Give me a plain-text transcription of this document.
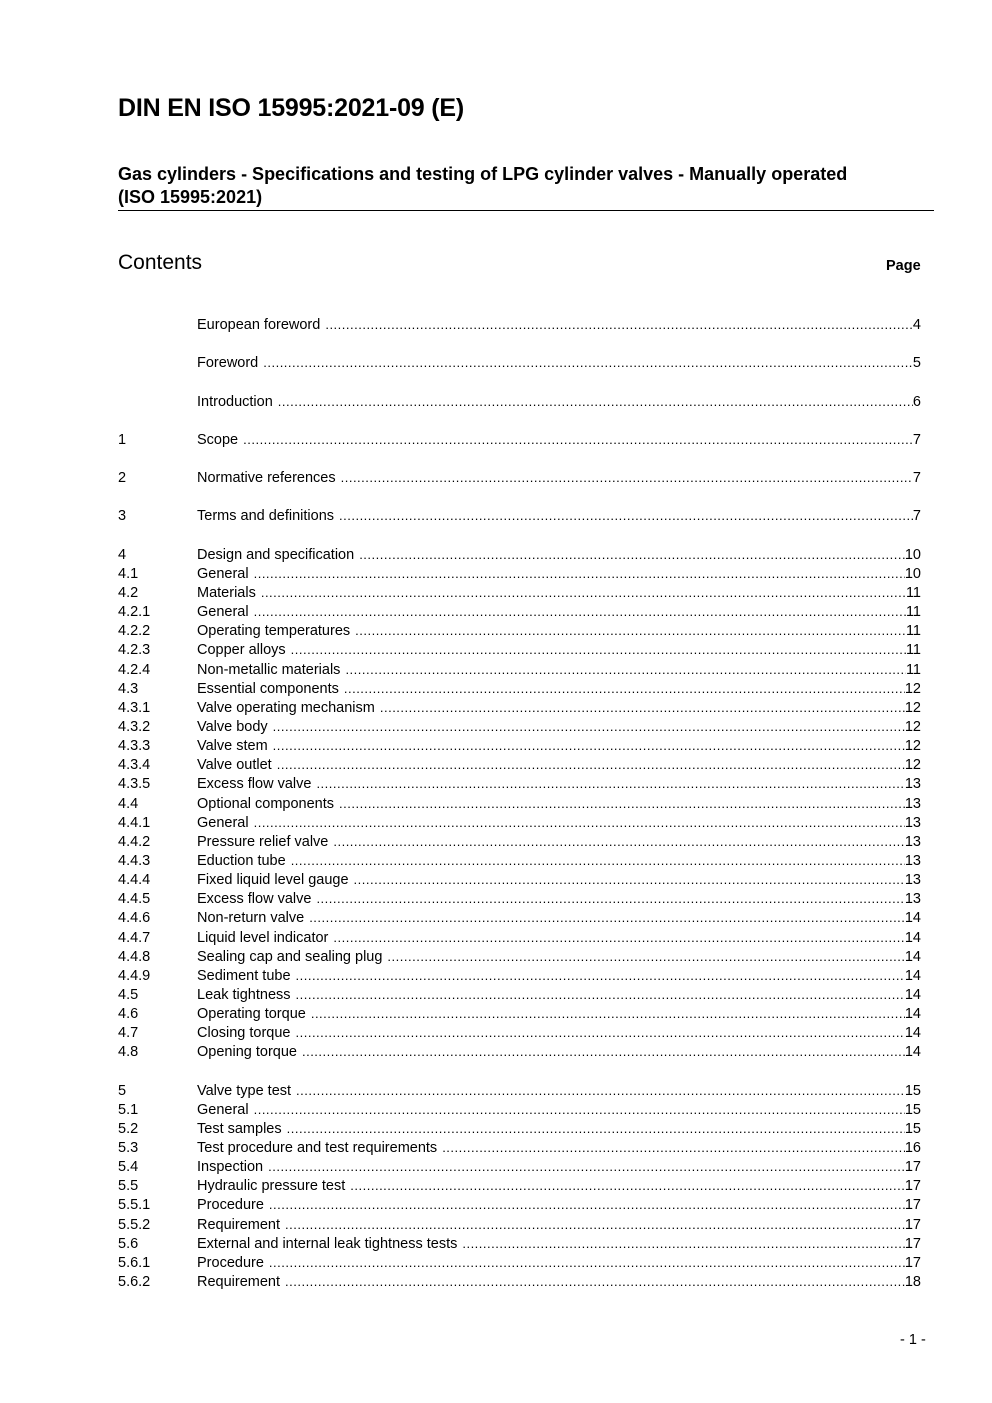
DIN EN ISO 15995:2021-09 (E)
Gas cylinders - Specifications and testing of LPG cylinder valves - Manually operated (ISO 15995:2021)
Contents	Page
European foreword .....	4
Foreword .....	5
Introduction .....	6
1	Scope .....	7
2	Normative references .....	7
3	Terms and definitions .....	7
4	Design and specification .....	10
4.1	General .....	10
4.2	Materials .....	11
4.2.1	General .....	11
4.2.2	Operating temperatures .....	11
4.2.3	Copper alloys .....	11
4.2.4	Non-metallic materials .....	11
4.3	Essential components .....	12
4.3.1	Valve operating mechanism .....	12
4.3.2	Valve body .....	12
4.3.3	Valve stem .....	12
4.3.4	Valve outlet .....	12
4.3.5	Excess flow valve .....	13
4.4	Optional components .....	13
4.4.1	General .....	13
4.4.2	Pressure relief valve .....	13
4.4.3	Eduction tube .....	13
4.4.4	Fixed liquid level gauge .....	13
4.4.5	Excess flow valve .....	13
4.4.6	Non-return valve .....	14
4.4.7	Liquid level indicator .....	14
4.4.8	Sealing cap and sealing plug .....	14
4.4.9	Sediment tube .....	14
4.5	Leak tightness .....	14
4.6	Operating torque .....	14
4.7	Closing torque .....	14
4.8	Opening torque .....	14
5	Valve type test .....	15
5.1	General .....	15
5.2	Test samples .....	15
5.3	Test procedure and test requirements .....	16
5.4	Inspection .....	17
5.5	Hydraulic pressure test .....	17
5.5.1	Procedure .....	17
5.5.2	Requirement .....	17
5.6	External and internal leak tightness tests .....	17
5.6.1	Procedure .....	17
5.6.2	Requirement .....	18
- 1 -
